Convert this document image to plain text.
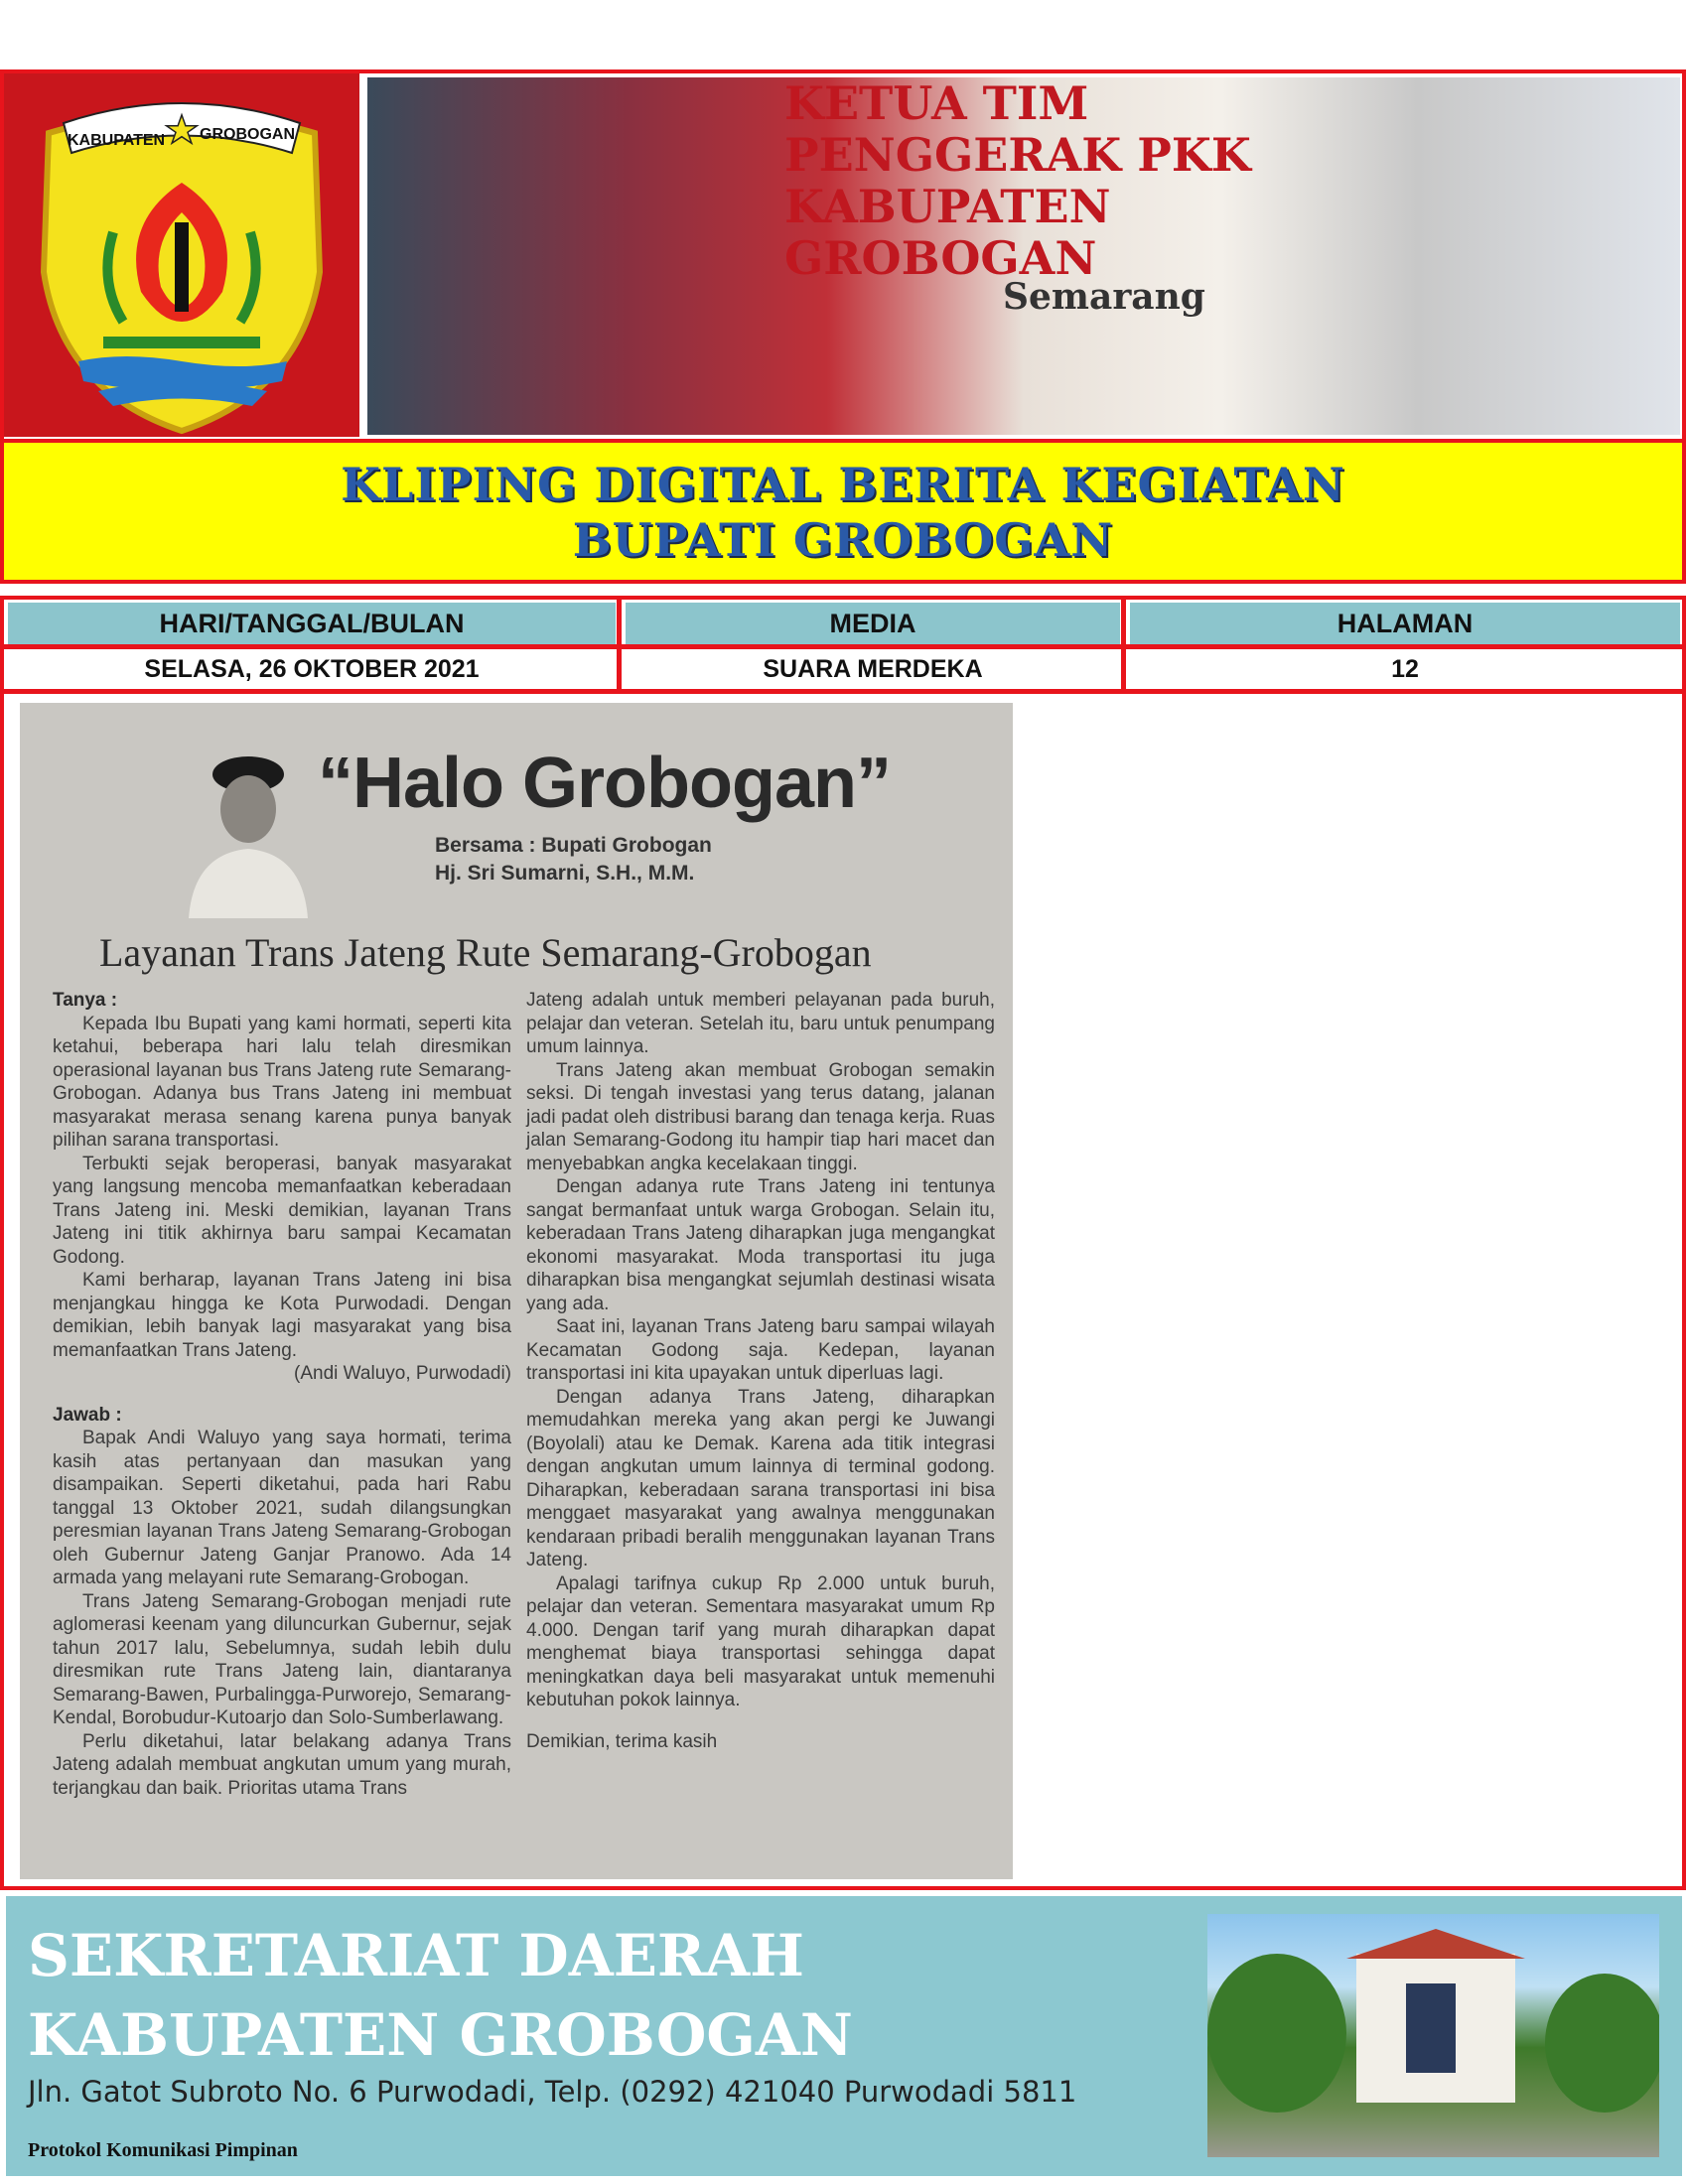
KABUPATEN GROBOGAN
KETUA TIM PENGGERAK PKK KABUPATEN GROBOGAN
Semarang
KLIPING DIGITAL BERITA KEGIATAN
BUPATI GROBOGAN
HARI/TANGGAL/BULAN	MEDIA	HALAMAN
SELASA, 26 OKTOBER 2021	SUARA MERDEKA	12
“Halo Grobogan”
Bersama : Bupati Grobogan
Hj. Sri Sumarni, S.H., M.M.
Layanan Trans Jateng Rute Semarang-Grobogan

Tanya :

Kepada Ibu Bupati yang kami hormati, seperti kita ketahui, beberapa hari lalu telah diresmikan operasional layanan bus Trans Jateng rute Semarang-Grobogan. Adanya bus Trans Jateng ini membuat masyarakat merasa senang karena punya banyak pilihan sarana transportasi.

Terbukti sejak beroperasi, banyak masyarakat yang langsung mencoba memanfaatkan keberadaan Trans Jateng ini. Meski demikian, layanan Trans Jateng ini titik akhirnya baru sampai Kecamatan Godong.

Kami berharap, layanan Trans Jateng ini bisa menjangkau hingga ke Kota Purwodadi. Dengan demikian, lebih banyak lagi masyarakat yang bisa memanfaatkan Trans Jateng.

(Andi Waluyo, Purwodadi)

Jawab :

Bapak Andi Waluyo yang saya hormati, terima kasih atas pertanyaan dan masukan yang disampaikan. Seperti diketahui, pada hari Rabu tanggal 13 Oktober 2021, sudah dilangsungkan peresmian layanan Trans Jateng Semarang-Grobogan oleh Gubernur Jateng Ganjar Pranowo. Ada 14 armada yang melayani rute Semarang-Grobogan.

Trans Jateng Semarang-Grobogan menjadi rute aglomerasi keenam yang diluncurkan Gubernur, sejak tahun 2017 lalu, Sebelumnya, sudah lebih dulu diresmikan rute Trans Jateng lain, diantaranya Semarang-Bawen, Purbalingga-Purworejo, Semarang-Kendal, Borobudur-Kutoarjo dan Solo-Sumberlawang.

Perlu diketahui, latar belakang adanya Trans Jateng adalah membuat angkutan umum yang murah, terjangkau dan baik. Prioritas utama Trans

Jateng adalah untuk memberi pelayanan pada buruh, pelajar dan veteran. Setelah itu, baru untuk penumpang umum lainnya.

Trans Jateng akan membuat Grobogan semakin seksi. Di tengah investasi yang terus datang, jalanan jadi padat oleh distribusi barang dan tenaga kerja. Ruas jalan Semarang-Godong itu hampir tiap hari macet dan menyebabkan angka kecelakaan tinggi.

Dengan adanya rute Trans Jateng ini tentunya sangat bermanfaat untuk warga Grobogan. Selain itu, keberadaan Trans Jateng diharapkan juga mengangkat ekonomi masyarakat. Moda transportasi itu juga diharapkan bisa mengangkat sejumlah destinasi wisata yang ada.

Saat ini, layanan Trans Jateng baru sampai wilayah Kecamatan Godong saja. Kedepan, layanan transportasi ini kita upayakan untuk diperluas lagi.

Dengan adanya Trans Jateng, diharapkan memudahkan mereka yang akan pergi ke Juwangi (Boyolali) atau ke Demak. Karena ada titik integrasi dengan angkutan umum lainnya di terminal godong. Diharapkan, keberadaan sarana transportasi ini bisa menggaet masyarakat yang awalnya menggunakan kendaraan pribadi beralih menggunakan layanan Trans Jateng.

Apalagi tarifnya cukup Rp 2.000 untuk buruh, pelajar dan veteran. Sementara masyarakat umum Rp 4.000. Dengan tarif yang murah diharapkan dapat menghemat biaya transportasi sehingga dapat meningkatkan daya beli masyarakat untuk memenuhi kebutuhan pokok lainnya.

Demikian, terima kasih

SEKRETARIAT DAERAH KABUPATEN GROBOGAN
Jln. Gatot Subroto No. 6 Purwodadi, Telp. (0292) 421040 Purwodadi 5811
Protokol Komunikasi Pimpinan
